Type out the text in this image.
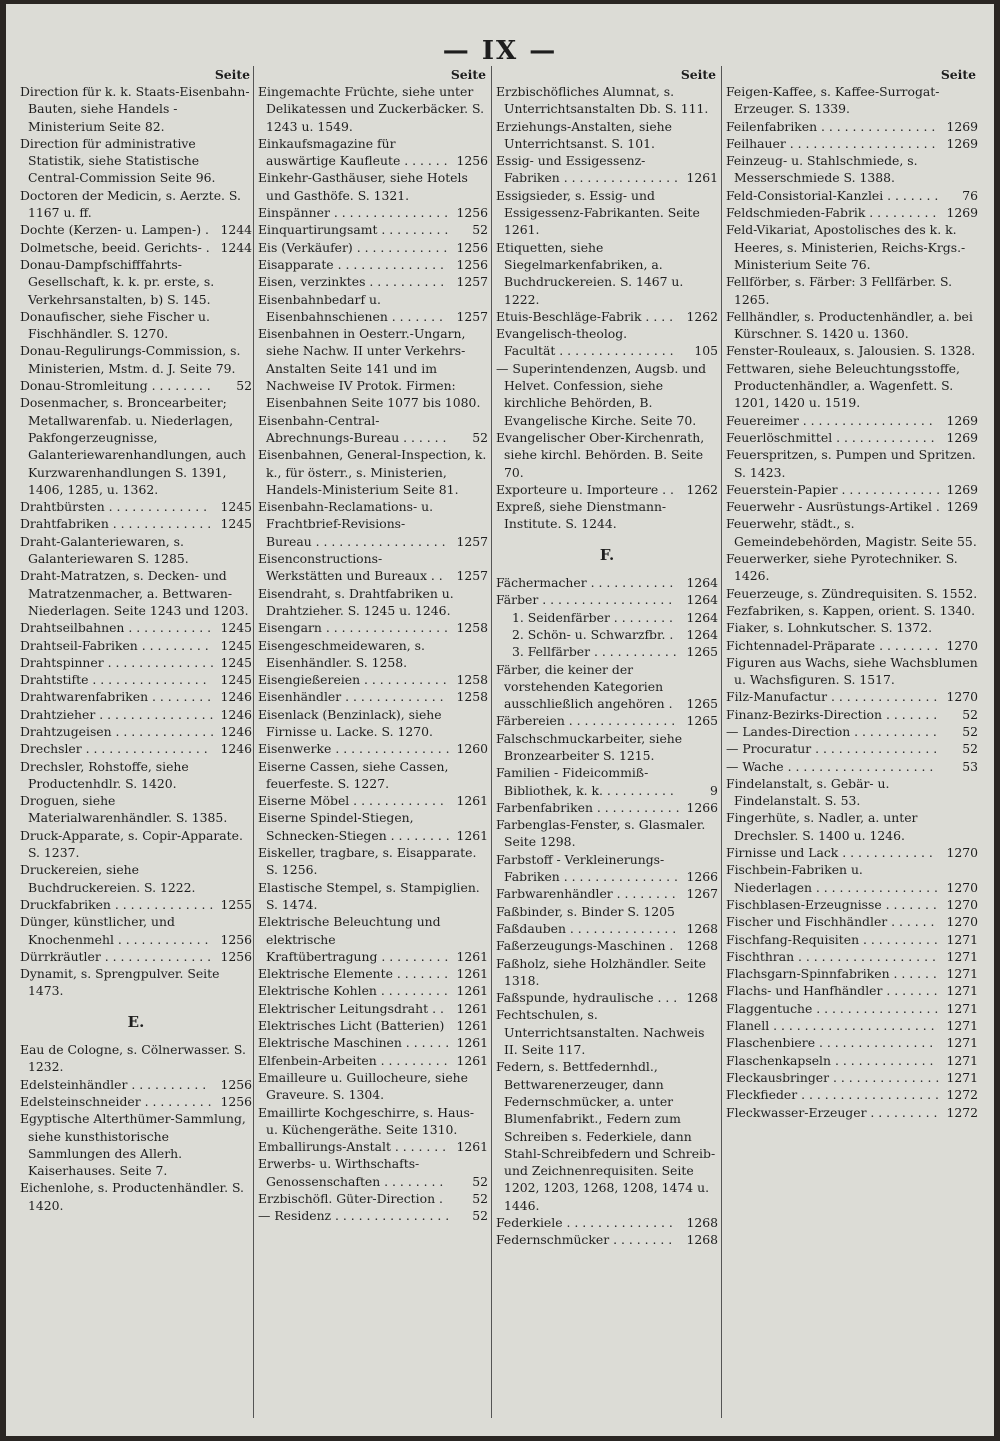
— IX —
Seite
Direction für k. k. Staats-Eisenbahn-Bauten, siehe Handels - Ministerium Seite 82.
Direction für administrative Statistik, siehe Statistische Central-Commission Seite 96.
Doctoren der Medicin, s. Aerzte. S. 1167 u. ff.
Dochte (Kerzen- u. Lampen-) . 1244
Dolmetsche, beeid. Gerichts- . 1244
Donau-Dampfschifffahrts-Gesellschaft, k. k. pr. erste, s. Verkehrsanstalten, b) S. 145.
Donaufischer, siehe Fischer u. Fischhändler. S. 1270.
Donau-Regulirungs-Commission, s. Ministerien, Mstm. d. J. Seite 79.
Donau-Stromleitung . . . . . . . . 52
Dosenmacher, s. Broncearbeiter; Metallwarenfab. u. Niederlagen, Pakfongerzeugnisse, Galanteriewarenhandlungen, auch Kurzwarenhandlungen S. 1391, 1406, 1285, u. 1362.
Drahtbürsten . . . . . . . . . . . . . 1245
Drahtfabriken . . . . . . . . . . . . . 1245
Draht-Galanteriewaren, s. Galanteriewaren S. 1285.
Draht-Matratzen, s. Decken- und Matratzenmacher, a. Bettwaren-Niederlagen. Seite 1243 und 1203.
Drahtseilbahnen . . . . . . . . . . . 1245
Drahtseil-Fabriken . . . . . . . . . 1245
Drahtspinner . . . . . . . . . . . . . . 1245
Drahtstifte . . . . . . . . . . . . . . . 1245
Drahtwarenfabriken . . . . . . . . 1246
Drahtzieher . . . . . . . . . . . . . . . 1246
Drahtzugeisen . . . . . . . . . . . . . 1246
Drechsler . . . . . . . . . . . . . . . . 1246
Drechsler, Rohstoffe, siehe Productenhdlr. S. 1420.
Droguen, siehe Materialwarenhändler. S. 1385.
Druck-Apparate, s. Copir-Apparate. S. 1237.
Druckereien, siehe Buchdruckereien. S. 1222.
Druckfabriken . . . . . . . . . . . . . 1255
Dünger, künstlicher, und Knochenmehl . . . . . . . . . . . . 1256
Dürrkräutler . . . . . . . . . . . . . . 1256
Dynamit, s. Sprengpulver. Seite 1473.
E.
Eau de Cologne, s. Cölnerwasser. S. 1232.
Edelsteinhändler . . . . . . . . . . 1256
Edelsteinschneider . . . . . . . . . 1256
Egyptische Alterthümer-Sammlung, siehe kunsthistorische Sammlungen des Allerh. Kaiserhauses. Seite 7.
Eichenlohe, s. Productenhändler. S. 1420.
Seite
Eingemachte Früchte, siehe unter Delikatessen und Zuckerbäcker. S. 1243 u. 1549.
Einkaufsmagazine für auswärtige Kaufleute . . . . . . 1256
Einkehr-Gasthäuser, siehe Hotels und Gasthöfe. S. 1321.
Einspänner . . . . . . . . . . . . . . . 1256
Einquartirungsamt . . . . . . . . . 52
Eis (Verkäufer) . . . . . . . . . . . . 1256
Eisapparate . . . . . . . . . . . . . . 1256
Eisen, verzinktes . . . . . . . . . . 1257
Eisenbahnbedarf u. Eisenbahnschienen . . . . . . . 1257
Eisenbahnen in Oesterr.-Ungarn, siehe Nachw. II unter Verkehrs-Anstalten Seite 141 und im Nachweise IV Protok. Firmen: Eisenbahnen Seite 1077 bis 1080.
Eisenbahn-Central-Abrechnungs-Bureau . . . . . . 52
Eisenbahnen, General-Inspection, k. k., für österr., s. Ministerien, Handels-Ministerium Seite 81.
Eisenbahn-Reclamations- u. Frachtbrief-Revisions-Bureau . . . . . . . . . . . . . . . . . 1257
Eisenconstructions-Werkstätten und Bureaux . . 1257
Eisendraht, s. Drahtfabriken u. Drahtzieher. S. 1245 u. 1246.
Eisengarn . . . . . . . . . . . . . . . . 1258
Eisengeschmeidewaren, s. Eisenhändler. S. 1258.
Eisengießereien . . . . . . . . . . . 1258
Eisenhändler . . . . . . . . . . . . . 1258
Eisenlack (Benzinlack), siehe Firnisse u. Lacke. S. 1270.
Eisenwerke . . . . . . . . . . . . . . . 1260
Eiserne Cassen, siehe Cassen, feuerfeste. S. 1227.
Eiserne Möbel . . . . . . . . . . . . 1261
Eiserne Spindel-Stiegen, Schnecken-Stiegen . . . . . . . . 1261
Eiskeller, tragbare, s. Eisapparate. S. 1256.
Elastische Stempel, s. Stampiglien. S. 1474.
Elektrische Beleuchtung und elektrische Kraftübertragung . . . . . . . . . 1261
Elektrische Elemente . . . . . . . 1261
Elektrische Kohlen . . . . . . . . . 1261
Elektrischer Leitungsdraht . . 1261
Elektrisches Licht (Batterien) 1261
Elektrische Maschinen . . . . . . 1261
Elfenbein-Arbeiten . . . . . . . . . 1261
Emailleure u. Guillocheure, siehe Graveure. S. 1304.
Emaillirte Kochgeschirre, s. Haus- u. Küchengeräthe. Seite 1310.
Emballirungs-Anstalt . . . . . . . 1261
Erwerbs- u. Wirthschafts-Genossenschaften . . . . . . . . 52
Erzbischöfl. Güter-Direction . 52
— Residenz . . . . . . . . . . . . . . . 52
Seite
Erzbischöfliches Alumnat, s. Unterrichtsanstalten Db. S. 111.
Erziehungs-Anstalten, siehe Unterrichtsanst. S. 101.
Essig- und Essigessenz-Fabriken . . . . . . . . . . . . . . . 1261
Essigsieder, s. Essig- und Essigessenz-Fabrikanten. Seite 1261.
Etiquetten, siehe Siegelmarkenfabriken, a. Buchdruckereien. S. 1467 u. 1222.
Etuis-Beschläge-Fabrik . . . . 1262
Evangelisch-theolog. Facultät . . . . . . . . . . . . . . . 105
— Superintendenzen, Augsb. und Helvet. Confession, siehe kirchliche Behörden, B. Evangelische Kirche. Seite 70.
Evangelischer Ober-Kirchenrath, siehe kirchl. Behörden. B. Seite 70.
Exporteure u. Importeure . . 1262
Expreß, siehe Dienstmann-Institute. S. 1244.
F.
Fächermacher . . . . . . . . . . . 1264
Färber . . . . . . . . . . . . . . . . . 1264
1. Seidenfärber . . . . . . . . 1264
2. Schön- u. Schwarzfbr. . 1264
3. Fellfärber . . . . . . . . . . . 1265
Färber, die keiner der vorstehenden Kategorien ausschließlich angehören . 1265
Färbereien . . . . . . . . . . . . . . 1265
Falschschmuckarbeiter, siehe Bronzearbeiter S. 1215.
Familien - Fideicommiß-Bibliothek, k. k. . . . . . . . . .	9
Farbenfabriken . . . . . . . . . . . 1266
Farbenglas-Fenster, s. Glasmaler. Seite 1298.
Farbstoff - Verkleinerungs-Fabriken . . . . . . . . . . . . . . . 1266
Farbwarenhändler . . . . . . . . 1267
Faßbinder, s. Binder S. 1205
Faßdauben . . . . . . . . . . . . . . 1268
Faßerzeugungs-Maschinen . 1268
Faßholz, siehe Holzhändler. Seite 1318.
Faßspunde, hydraulische . . . 1268
Fechtschulen, s. Unterrichtsanstalten. Nachweis II. Seite 117.
Federn, s. Bettfedernhdl., Bettwarenerzeuger, dann Federnschmücker, a. unter Blumenfabrikt., Federn zum Schreiben s. Federkiele, dann Stahl-Schreibfedern und Schreib- und Zeichnenrequisiten. Seite 1202, 1203, 1268, 1208, 1474 u. 1446.
Federkiele . . . . . . . . . . . . . . 1268
Federnschmücker . . . . . . . . 1268
Seite
Feigen-Kaffee, s. Kaffee-Surrogat-Erzeuger. S. 1339.
Feilenfabriken . . . . . . . . . . . . . . . 1269
Feilhauer . . . . . . . . . . . . . . . . . . . 1269
Feinzeug- u. Stahlschmiede, s. Messerschmiede S. 1388.
Feld-Consistorial-Kanzlei . . . . . . . 76
Feldschmieden-Fabrik . . . . . . . . . 1269
Feld-Vikariat, Apostolisches des k. k. Heeres, s. Ministerien, Reichs-Krgs.-Ministerium Seite 76.
Fellförber, s. Färber: 3 Fellfärber. S. 1265.
Fellhändler, s. Productenhändler, a. bei Kürschner. S. 1420 u. 1360.
Fenster-Rouleaux, s. Jalousien. S. 1328.
Fettwaren, siehe Beleuchtungsstoffe, Productenhändler, a. Wagenfett. S. 1201, 1420 u. 1519.
Feuereimer . . . . . . . . . . . . . . . . . 1269
Feuerlöschmittel . . . . . . . . . . . . . 1269
Feuerspritzen, s. Pumpen und Spritzen. S. 1423.
Feuerstein-Papier . . . . . . . . . . . . . 1269
Feuerwehr - Ausrüstungs-Artikel . 1269
Feuerwehr, städt., s. Gemeindebehörden, Magistr. Seite 55.
Feuerwerker, siehe Pyrotechniker. S. 1426.
Feuerzeuge, s. Zündrequisiten. S. 1552.
Fezfabriken, s. Kappen, orient. S. 1340.
Fiaker, s. Lohnkutscher. S. 1372.
Fichtennadel-Präparate . . . . . . . . 1270
Figuren aus Wachs, siehe Wachsblumen u. Wachsfiguren. S. 1517.
Filz-Manufactur . . . . . . . . . . . . . . 1270
Finanz-Bezirks-Direction . . . . . . . 52
— Landes-Direction . . . . . . . . . . . 52
— Procuratur . . . . . . . . . . . . . . . . 52
— Wache . . . . . . . . . . . . . . . . . . . 53
Findelanstalt, s. Gebär- u. Findelanstalt. S. 53.
Fingerhüte, s. Nadler, a. unter Drechsler. S. 1400 u. 1246.
Firnisse und Lack . . . . . . . . . . . . 1270
Fischbein-Fabriken u. Niederlagen . . . . . . . . . . . . . . . . 1270
Fischblasen-Erzeugnisse . . . . . . . 1270
Fischer und Fischhändler . . . . . . 1270
Fischfang-Requisiten . . . . . . . . . . 1271
Fischthran . . . . . . . . . . . . . . . . . . 1271
Flachsgarn-Spinnfabriken . . . . . . 1271
Flachs- und Hanfhändler . . . . . . . 1271
Flaggentuche . . . . . . . . . . . . . . . . 1271
Flanell . . . . . . . . . . . . . . . . . . . . . 1271
Flaschenbiere . . . . . . . . . . . . . . . 1271
Flaschenkapseln . . . . . . . . . . . . . 1271
Fleckausbringer . . . . . . . . . . . . . . 1271
Fleckfieder . . . . . . . . . . . . . . . . . . 1272
Fleckwasser-Erzeuger . . . . . . . . . 1272
